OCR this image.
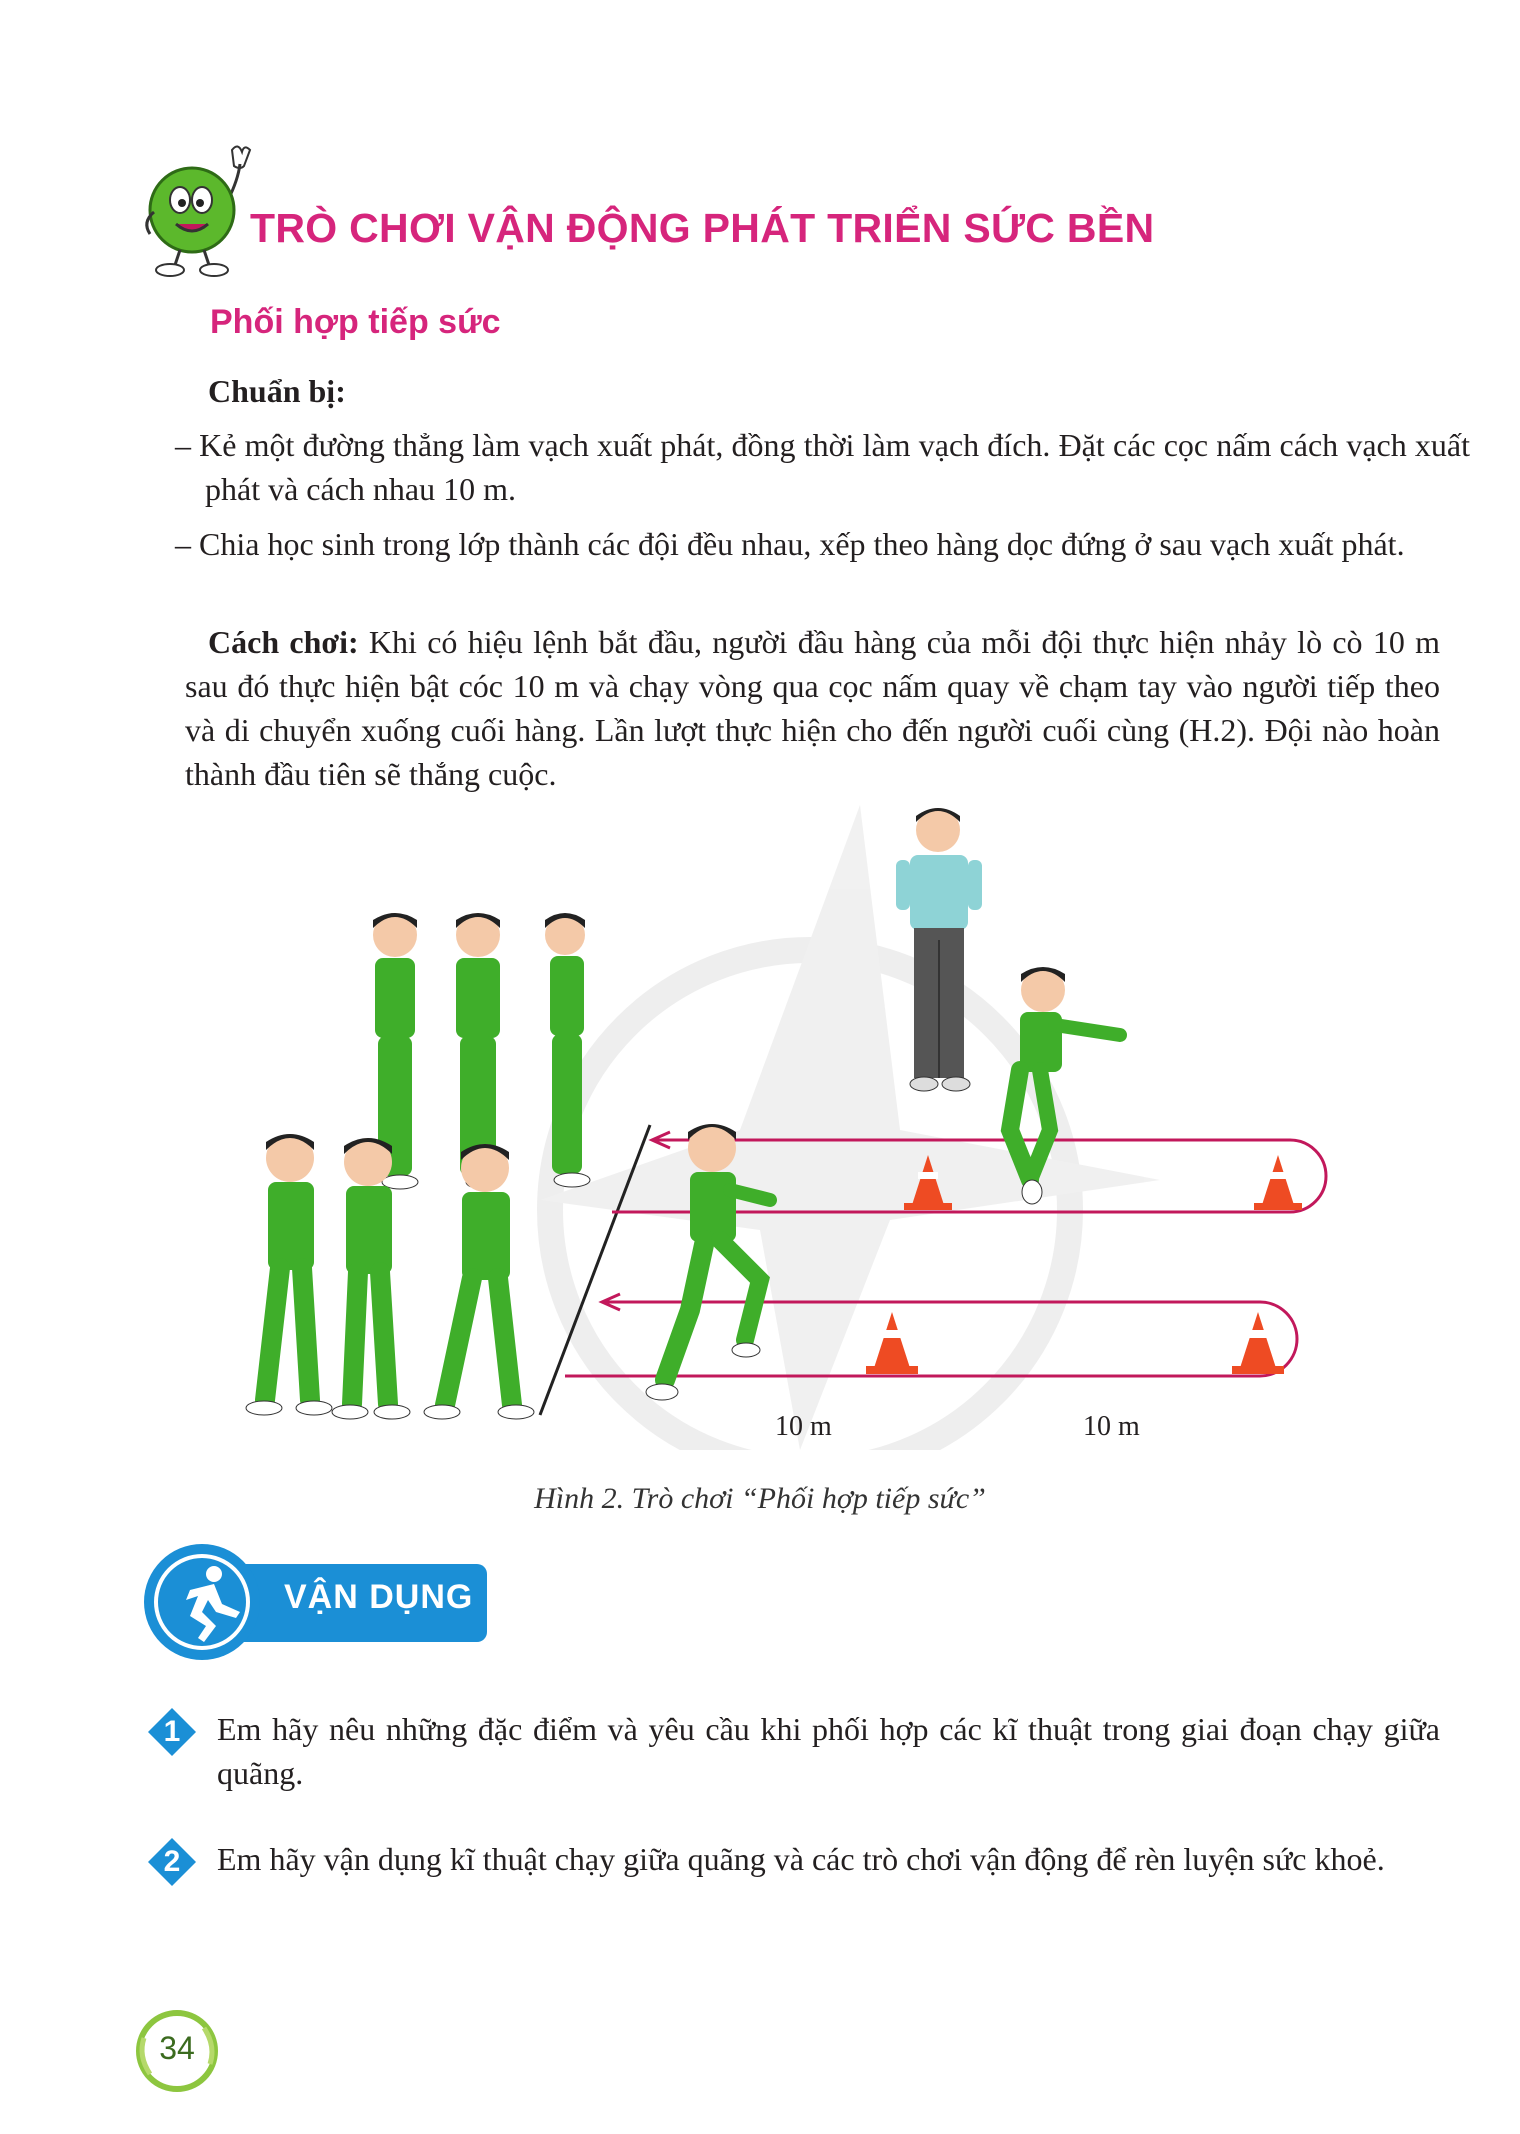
TRÒ CHƠI VẬN ĐỘNG PHÁT TRIỂN SỨC BỀN
Phối hợp tiếp sức
Chuẩn bị:
– Kẻ một đường thẳng làm vạch xuất phát, đồng thời làm vạch đích. Đặt các cọc nấm cách vạch xuất phát và cách nhau 10 m.
– Chia học sinh trong lớp thành các đội đều nhau, xếp theo hàng dọc đứng ở sau vạch xuất phát.
Cách chơi: Khi có hiệu lệnh bắt đầu, người đầu hàng của mỗi đội thực hiện nhảy lò cò 10 m sau đó thực hiện bật cóc 10 m và chạy vòng qua cọc nấm quay về chạm tay vào người tiếp theo và di chuyển xuống cuối hàng. Lần lượt thực hiện cho đến người cuối cùng (H.2). Đội nào hoàn thành đầu tiên sẽ thắng cuộc.
10 m	10 m
Hình 2. Trò chơi “Phối hợp tiếp sức”
VẬN DỤNG
1	Em hãy nêu những đặc điểm và yêu cầu khi phối hợp các kĩ thuật trong giai đoạn chạy giữa quãng.
2	Em hãy vận dụng kĩ thuật chạy giữa quãng và các trò chơi vận động để rèn luyện sức khoẻ.
34
